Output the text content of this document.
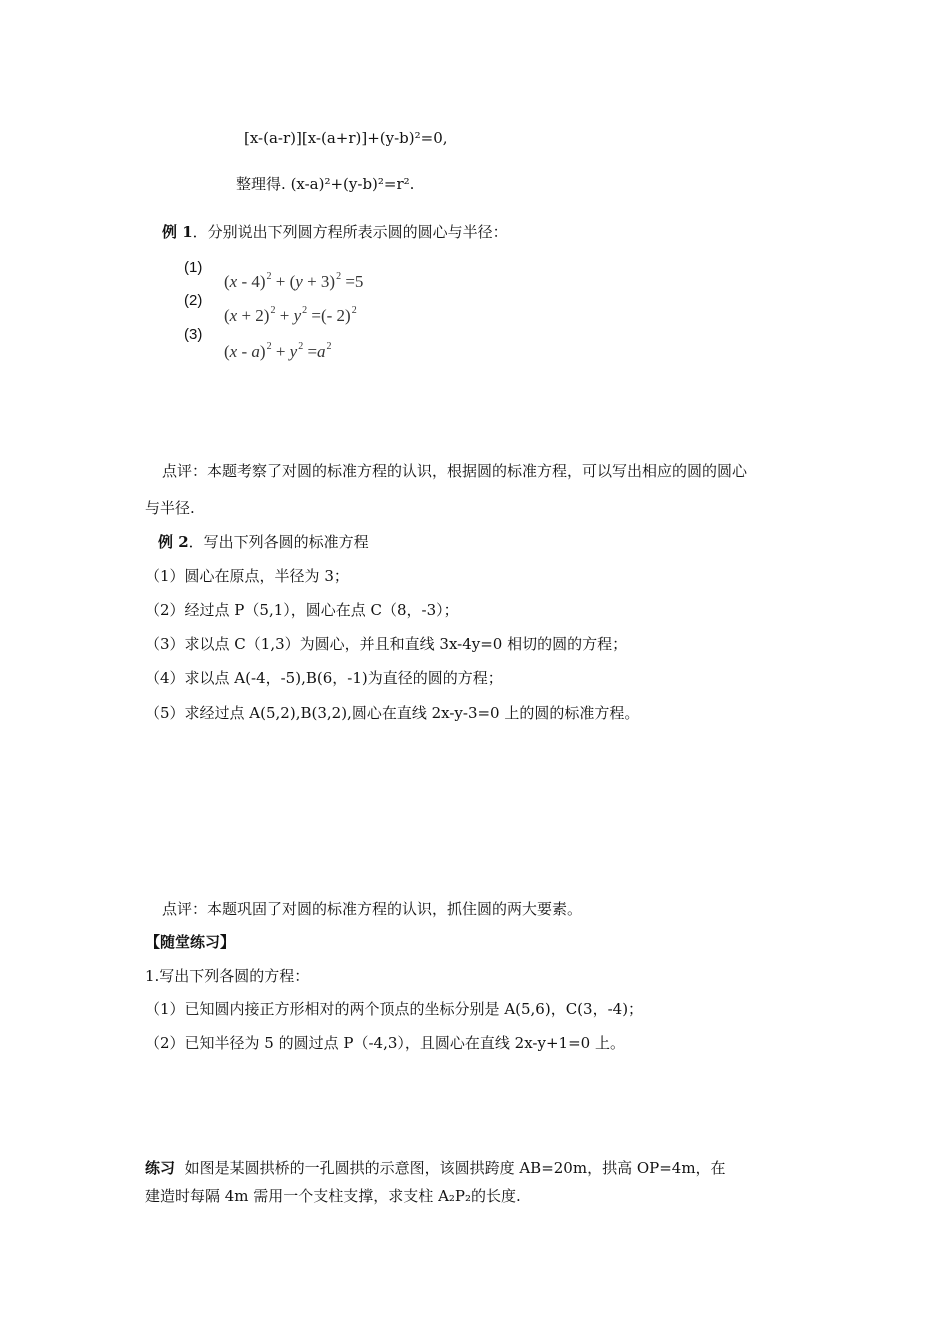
[x-(a-r)][x-(a+r)]+(y-b)²=0,
整理得. (x-a)²+(y-b)²=r².
例 1．分别说出下列圆方程所表示圆的圆心与半径：
(1)
$(x - 4)^2 + (y + 3)^2 =5$
(2)
$(x + 2)^2 + y^2$ =(- 2)$^2$
(3)
$(x - a)^2 + y^2 =a^2$
点评：本题考察了对圆的标准方程的认识，根据圆的标准方程，可以写出相应的圆的圆心
与半径.
例 2．写出下列各圆的标准方程
（1）圆心在原点，半径为 3；
（2）经过点 P（5,1），圆心在点 C（8，-3）；
（3）求以点 C（1,3）为圆心，并且和直线 3x-4y=0 相切的圆的方程；
（4）求以点 A(-4，-5),B(6，-1)为直径的圆的方程；
（5）求经过点 A(5,2),B(3,2),圆心在直线 2x-y-3=0 上的圆的标准方程。
点评：本题巩固了对圆的标准方程的认识，抓住圆的两大要素。
【随堂练习】
1.写出下列各圆的方程：
（1）已知圆内接正方形相对的两个顶点的坐标分别是 A(5,6)，C(3，-4)；
（2）已知半径为 5 的圆过点 P（-4,3），且圆心在直线 2x-y+1=0 上。
练习 如图是某圆拱桥的一孔圆拱的示意图，该圆拱跨度 AB=20m，拱高 OP=4m，在
建造时每隔 4m 需用一个支柱支撑，求支柱 A₂P₂的长度.
